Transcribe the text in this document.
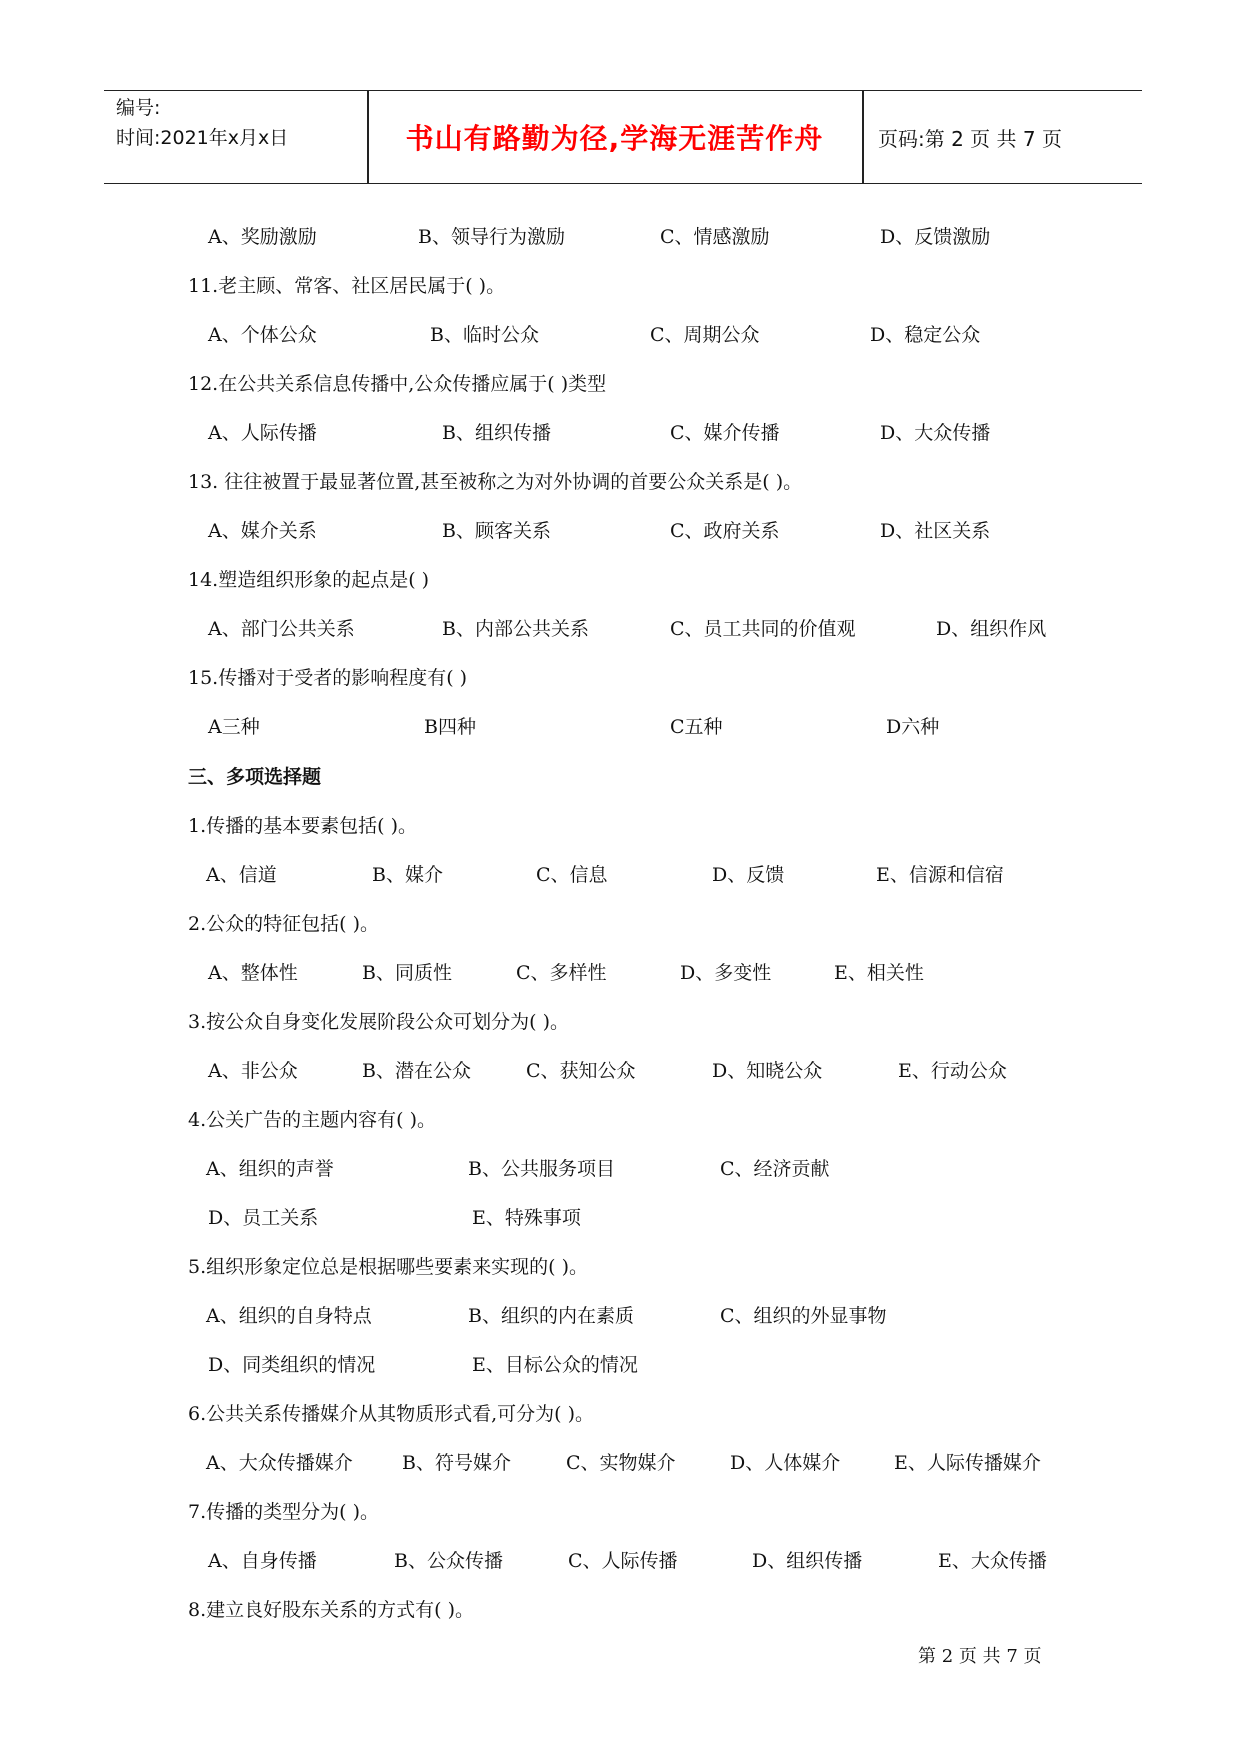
编号:
时间:2021年x月x日	书山有路勤为径,学海无涯苦作舟	页码:第 2 页 共 7 页
A、奖励激励	B、领导行为激励	C、情感激励	D、反馈激励
11.老主顾、常客、社区居民属于( )。
A、个体公众	B、临时公众	C、周期公众	D、稳定公众
12.在公共关系信息传播中,公众传播应属于( )类型
A、人际传播	B、组织传播	C、媒介传播	D、大众传播
13. 往往被置于最显著位置,甚至被称之为对外协调的首要公众关系是( )。
A、媒介关系	B、顾客关系	C、政府关系	D、社区关系
14.塑造组织形象的起点是( )
A、部门公共关系	B、内部公共关系	C、员工共同的价值观	D、组织作风
15.传播对于受者的影响程度有( )
A三种	B四种	C五种	D六种
三、多项选择题
1.传播的基本要素包括( )。
A、信道	B、媒介	C、信息	D、反馈	E、信源和信宿
2.公众的特征包括( )。
A、整体性	B、同质性	C、多样性	D、多变性	E、相关性
3.按公众自身变化发展阶段公众可划分为( )。
A、非公众	B、潜在公众	C、获知公众	D、知晓公众	E、行动公众
4.公关广告的主题内容有( )。
A、组织的声誉	B、公共服务项目	C、经济贡献
D、员工关系	E、特殊事项
5.组织形象定位总是根据哪些要素来实现的( )。
A、组织的自身特点	B、组织的内在素质	C、组织的外显事物
D、同类组织的情况	E、目标公众的情况
6.公共关系传播媒介从其物质形式看,可分为( )。
A、大众传播媒介	B、符号媒介	C、实物媒介	D、人体媒介	E、人际传播媒介
7.传播的类型分为( )。
A、自身传播	B、公众传播	C、人际传播	D、组织传播	E、大众传播
8.建立良好股东关系的方式有( )。
第 2 页 共 7 页
